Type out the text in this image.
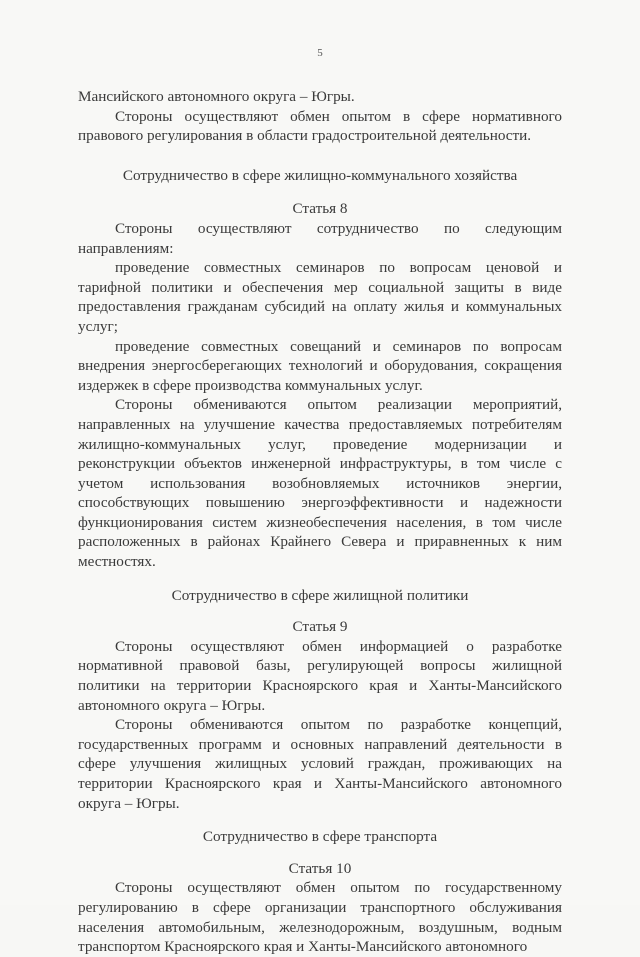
5

Мансийского автономного округа – Югры.

Стороны осуществляют обмен опытом в сфере нормативного правового регулирования в области градостроительной деятельности.

Сотрудничество в сфере жилищно-коммунального хозяйства

Статья 8

Стороны осуществляют сотрудничество по следующим направлениям:

проведение совместных семинаров по вопросам ценовой и тарифной политики и обеспечения мер социальной защиты в виде предоставления гражданам субсидий на оплату жилья и коммунальных услуг;

проведение совместных совещаний и семинаров по вопросам внедрения энергосберегающих технологий и оборудования, сокращения издержек в сфере производства коммунальных услуг.

Стороны обмениваются опытом реализации мероприятий, направленных на улучшение качества предоставляемых потребителям жилищно-коммунальных услуг, проведение модернизации и реконструкции объектов инженерной инфраструктуры, в том числе с учетом использования возобновляемых источников энергии, способствующих повышению энергоэффективности и надежности функционирования систем жизнеобеспечения населения, в том числе расположенных в районах Крайнего Севера и приравненных к ним местностях.

Сотрудничество в сфере жилищной политики

Статья 9

Стороны осуществляют обмен информацией о разработке нормативной правовой базы, регулирующей вопросы жилищной политики на территории Красноярского края и Ханты-Мансийского автономного округа – Югры.

Стороны обмениваются опытом по разработке концепций, государственных программ и основных направлений деятельности в сфере улучшения жилищных условий граждан, проживающих на территории Красноярского края и Ханты-Мансийского автономного округа – Югры.

Сотрудничество в сфере транспорта

Статья 10

Стороны осуществляют обмен опытом по государственному регулированию в сфере организации транспортного обслуживания населения автомобильным, железнодорожным, воздушным, водным транспортом Красноярского края и Ханты-Мансийского автономного
